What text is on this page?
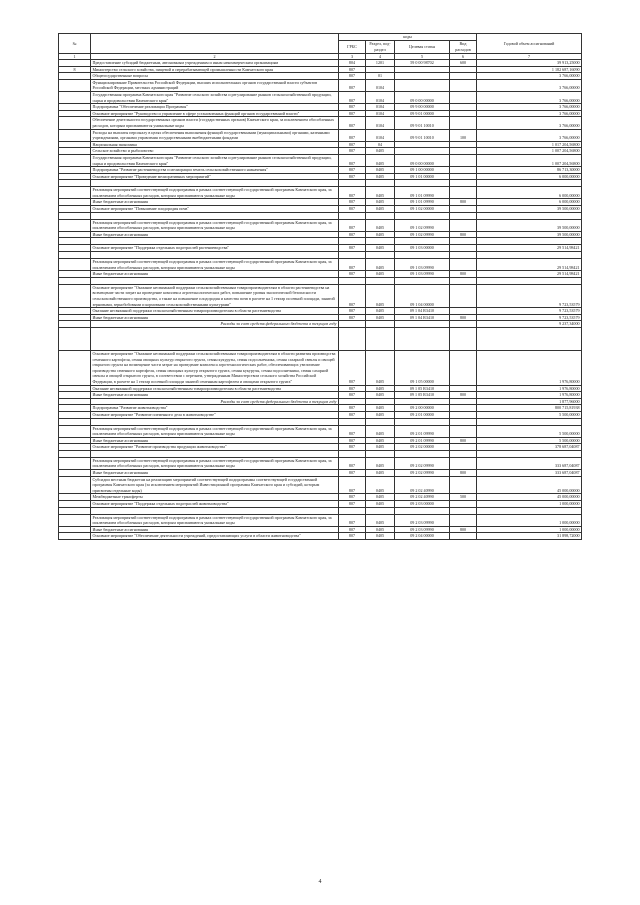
№		коды				Годовой объем ассигнований
		ГРБС	Раздел, под-раздел	Целевая статья	Вид расходов	
1	2	3	4	5	6	7
	Предоставление субсидий бюджетным, автономным учреждениям и иным некоммерческим организациям	804	1201	59 0 00 98702	600	39 913,25000
8	Министерство сельского хозяйства, пищевой и перерабатывающей промышленности Камчатского края	807				1 182 687,16090
	Общегосударственные вопросы	807	01			3 766,00000
	Функционирование Правительства Российской Федерации, высших исполнительных органов государственной власти субъектов Российской Федерации, местных администраций	807	0104			3 766,00000
	Государственная программа Камчатского края "Развитие сельского хозяйства и регулирование рынков сельскохозяйственной продукции, сырья и продовольствия Камчатского края"	807	0104	09 0 00 00000		3 766,00000
	Подпрограмма "Обеспечение реализации Программы"	807	0104	09 9 00 00000		3 766,00000
	Основное мероприятие "Руководство и управление в сфере установленных функций органов государственной власти"	807	0104	09 9 01 00000		3 766,00000
	Обеспечение деятельности государственных органов власти (государственных органов) Камчатского края, за исключением обособленных расходов, которым присваиваются уникальные коды	807	0104	09 9 01 10010		3 766,00000
	Расходы на выплаты персоналу в целях обеспечения выполнения функций государственными (муниципальными) органами, казенными учреждениями, органами управления государственными внебюджетными фондами	807	0104	09 9 01 10010	100	3 766,00000
	Национальная экономика	807	04			1 017 204,56800
	Сельское хозяйство и рыболовство	807	0405			1 007 204,56800
	Государственная программа Камчатского края "Развитие сельского хозяйства и регулирование рынков сельскохозяйственной продукции, сырья и продовольствия Камчатского края"	807	0405	09 0 00 00000		1 007 204,56800
	Подпрограмма "Развитие растениеводства и мелиорации земель сельскохозяйственного назначения"	807	0405	09 1 00 00000		86 713,30000
	Основное мероприятие "Проведение мелиоративных мероприятий"	807	0405	09 1 01 00000		6 000,00000

	Реализация мероприятий соответствующей подпрограммы в рамках соответствующей государственной программы Камчатского края, за исключением обособленных расходов, которым присваиваются уникальные коды	807	0405	09 1 01 09990		6 000,00000
	Иные бюджетные ассигнования	807	0405	09 1 01 09990	800	6 000,00000
	Основное мероприятие "Повышение плодородия почв"	807	0405	09 1 02 00000		39 500,00000

	Реализация мероприятий соответствующей подпрограммы в рамках соответствующей государственной программы Камчатского края, за исключением обособленных расходов, которым присваиваются уникальные коды	807	0405	09 1 02 09990		39 500,00000
	Иные бюджетные ассигнования	807	0405	09 1 02 09990	800	39 500,00000

	Основное мероприятие "Поддержка отдельных подотраслей растениеводства"	807	0405	09 1 03 00000		29 514,98421

	Реализация мероприятий соответствующей подпрограммы в рамках соответствующей государственной программы Камчатского края, за исключением обособленных расходов, которым присваиваются уникальные коды	807	0405	09 1 03 09990		29 514,98421
	Иные бюджетные ассигнования	807	0405	09 1 03 09990	800	29 514,98421

	Основное мероприятие "Оказание несвязанной поддержки сельскохозяйственным товаропроизводителям в области растениеводства на возмещение части затрат на проведение комплекса агротехнологических работ, повышение уровня экологической безопасности сельскохозяйственного производства, а также на повышение плодородия и качества почв в расчете на 1 гектар посевной площади, занятой зерновыми, зернобобовыми и кормовыми сельскохозяйственными культурами"	807	0405	09 1 04 00000		9 723,53579
	Оказание несвязанной поддержки сельскохозяйственным товаропроизводителям в области растениеводства	807	0405	09 1 04 R3410		9 723,53579
	Иные бюджетные ассигнования	807	0405	09 1 04 R3410	800	9 723,53579
	Расходы за счет средств федерального бюджета в текущем году					9 237,34000

	Основное мероприятие "Оказание несвязанной поддержки сельскохозяйственным товаропроизводителям в области развития производства семенного картофеля, семян овощных культур открытого грунта, семян кукурузы, семян подсолнечника, семян сахарной свеклы и овощей открытого грунта на возмещение части затрат на проведение комплекса агротехнологических работ, обеспечивающих увеличение производства семенного картофеля, семян овощных культур открытого грунта, семян кукурузы, семян подсолнечника, семян сахарной свеклы и овощей открытого грунта, в соответствии с перечнем, утвержденным Министерством сельского хозяйства Российской Федерации, в расчете на 1 гектар посевной площади занятой семенным картофелем и овощами открытого грунта"	807	0405	09 1 05 00000		1 976,80000
	Оказание несвязанной поддержки сельскохозяйственным товаропроизводителям в области растениеводства	807	0405	09 1 05 R3410		1 976,80000
	Иные бюджетные ассигнования	807	0405	09 1 05 R3410	800	1 976,80000
	Расходы за счет средств федерального бюджета в текущем году					1 877,96000
	Подпрограмма "Развитие животноводства"	807	0405	09 2 00 00000		800 715,81938
	Основное мероприятие "Развитие племенного дела в животноводстве"	807	0405	09 2 01 00000		5 500,00000

	Реализация мероприятий соответствующей подпрограммы в рамках соответствующей государственной программы Камчатского края, за исключением обособленных расходов, которым присваиваются уникальные коды	807	0405	09 2 01 09990		5 500,00000
	Иные бюджетные ассигнования	807	0405	09 2 01 09990	800	5 500,00000
	Основное мероприятие "Развитие производства продукции животноводства"	807	0405	09 2 02 00000		378 687,04087

	Реализация мероприятий соответствующей подпрограммы в рамках соответствующей государственной программы Камчатского края, за исключением обособленных расходов, которым присваиваются уникальные коды	807	0405	09 2 02 09990		333 687,04087
	Иные бюджетные ассигнования	807	0405	09 2 02 09990	800	333 687,04087
	Субсидии местным бюджетам на реализацию мероприятий соответствующей подпрограммы соответствующей государственной программы Камчатского края (за исключением мероприятий Инвестиционной программы Камчатского края и субсидий, которым присвоены отдельные коды)	807	0405	09 2 02 40990		45 000,00000
	Межбюджетные трансферты	807	0405	09 2 02 40990	500	45 000,00000
	Основное мероприятие "Поддержка отдельных подотраслей животноводства"	807	0405	09 2 03 00000		1 000,00000

	Реализация мероприятий соответствующей подпрограммы в рамках соответствующей государственной программы Камчатского края, за исключением обособленных расходов, которым присваиваются уникальные коды	807	0405	09 2 03 09990		1 000,00000
	Иные бюджетные ассигнования	807	0405	09 2 03 09990	800	1 000,00000
	Основное мероприятие "Обеспечение деятельности учреждений, предоставляющих услуги в области животноводства"	807	0405	09 2 04 00000		31 898,72000
4
